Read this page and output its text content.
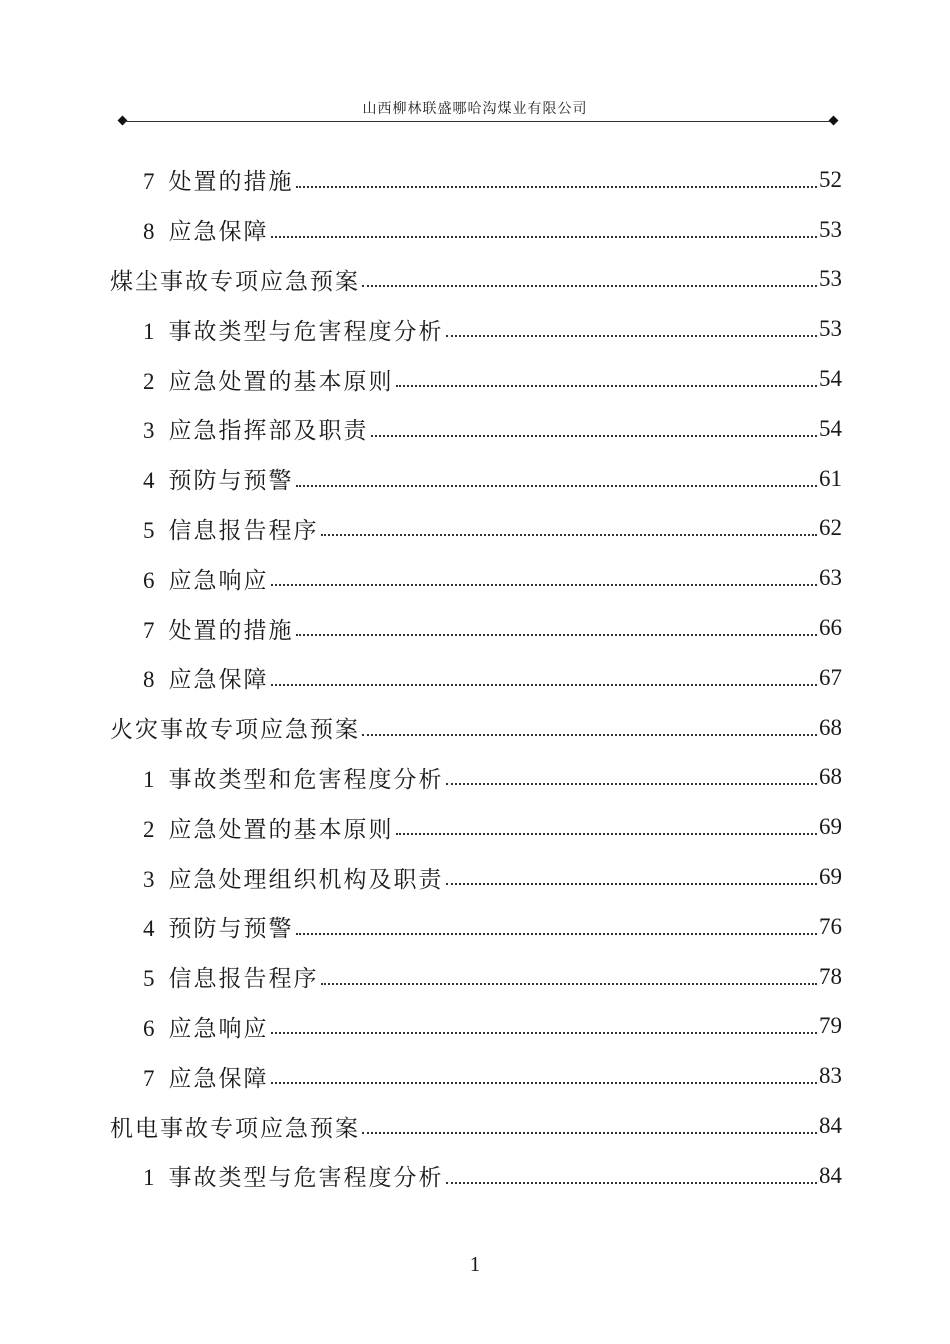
山西柳林联盛哪哈沟煤业有限公司
7 处置的措施	52
8 应急保障	53
煤尘事故专项应急预案	53
1 事故类型与危害程度分析	53
2 应急处置的基本原则	54
3 应急指挥部及职责	54
4 预防与预警	61
5 信息报告程序	62
6 应急响应	63
7 处置的措施	66
8 应急保障	67
火灾事故专项应急预案	68
1 事故类型和危害程度分析	68
2 应急处置的基本原则	69
3 应急处理组织机构及职责	69
4 预防与预警	76
5 信息报告程序	78
6 应急响应	79
7 应急保障	83
机电事故专项应急预案	84
1 事故类型与危害程度分析	84
1
